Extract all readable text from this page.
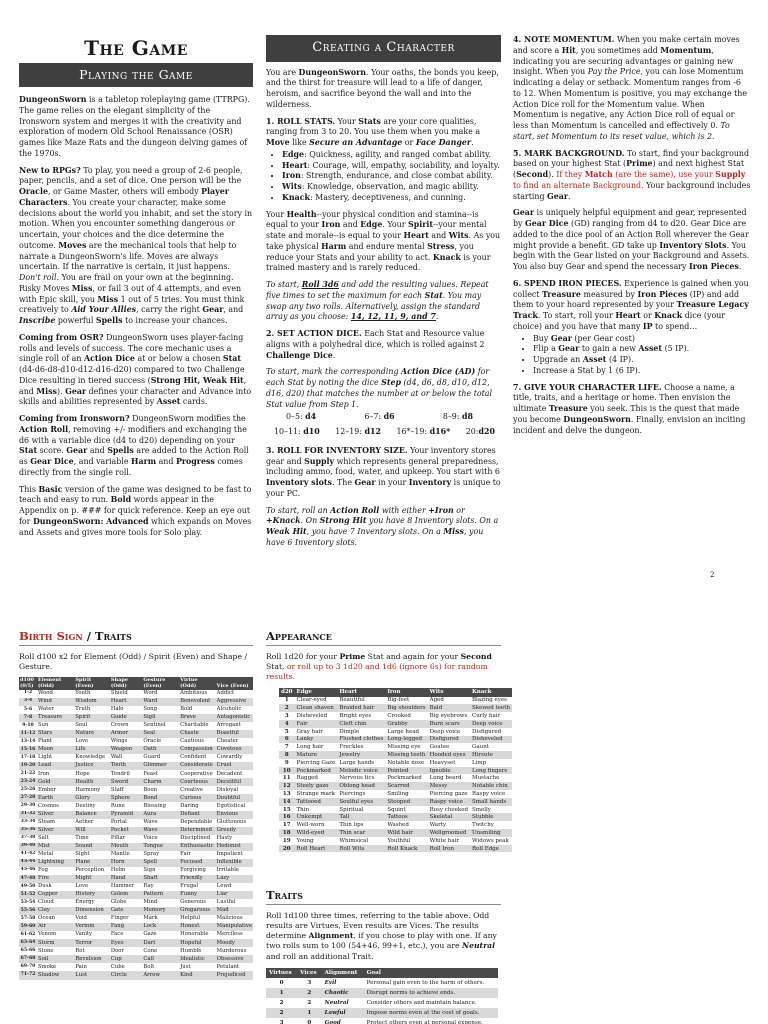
The Game
Playing the Game

DungeonSworn is a tabletop roleplaying game (TTRPG). The game relies on the elegant simplicity of the Ironsworn system and merges it with the creativity and exploration of modern Old School Renaissance (OSR) games like Maze Rats and the dungeon delving games of the 1970s.

New to RPGs? To play, you need a group of 2-6 people, paper, pencils, and a set of dice. One person will be the Oracle, or Game Master, others will embody Player Characters. You create your character, make some decisions about the world you inhabit, and set the story in motion. When you encounter something dangerous or uncertain, your choices and the dice determine the outcome. Moves are the mechanical tools that help to narrate a DungeonSworn's life. Moves are always uncertain. If the narrative is certain, it just happens. Don't roll. You are frail on your own at the beginning. Risky Moves Miss, or fail 3 out of 4 attempts, and even with Epic skill, you Miss 1 out of 5 tries. You must think creatively to Aid Your Allies, carry the right Gear, and Inscribe powerful Spells to increase your chances.

Coming from OSR? DungeonSworn uses player-facing rolls and levels of success. The core mechanic uses a single roll of an Action Dice at or below a chosen Stat (d4-d6-d8-d10-d12-d16-d20) compared to two Challenge Dice resulting in tiered success (Strong Hit, Weak Hit, and Miss). Gear defines your character and Advance into skills and abilities represented by Asset cards.

Coming from Ironsworn? DungeonSworn modifies the Action Roll, removing +/- modifiers and exchanging the d6 with a variable dice (d4 to d20) depending on your Stat score. Gear and Spells are added to the Action Roll as Gear Dice, and variable Harm and Progress comes directly from the single roll.

This Basic version of the game was designed to be fast to teach and easy to run. Bold words appear in the Appendix on p. ### for quick reference. Keep an eye out for DungeonSworn: Advanced which expands on Moves and Assets and gives more tools for Solo play.

Creating a Character

You are DungeonSworn. Your oaths, the bonds you keep, and the thirst for treasure will lead to a life of danger, heroism, and sacrifice beyond the wall and into the wilderness.

1. ROLL STATS. Your Stats are your core qualities, ranging from 3 to 20. You use them when you make a Move like Secure an Advantage or Face Danger.

• Edge: Quickness, agility, and ranged combat ability.
• Heart: Courage, will, empathy, sociability, and loyalty.
• Iron: Strength, endurance, and close combat ability.
• Wits: Knowledge, observation, and magic ability.
• Knack: Mastery, deceptiveness, and cunning.

Your Health--your physical condition and stamina--is equal to your Iron and Edge. Your Spirit--your mental state and morale--is equal to your Heart and Wits. As you take physical Harm and endure mental Stress, you reduce your Stats and your ability to act. Knack is your trained mastery and is rarely reduced.

To start, Roll 3d6 and add the resulting values. Repeat five times to set the maximum for each Stat. You may swap any two rolls. Alternatively, assign the standard array as you choose: 14, 12, 11, 9, and 7.

2. SET ACTION DICE. Each Stat and Resource value aligns with a polyhedral dice, which is rolled against 2 Challenge Dice.

To start, mark the corresponding Action Dice (AD) for each Stat by noting the dice Step (d4, d6, d8, d10, d12, d16, d20) that matches the number at or below the total Stat value from Step 1.

0–5: d4	6–7: d6	8–9: d8
10–11: d10 12–19: d12 16*–19: d16* 20:d20

3. ROLL FOR INVENTORY SIZE. Your inventory stores gear and Supply which represents general preparedness, including ammo, food, water, and upkeep. You start with 6 Inventory slots. The Gear in your Inventory is unique to your PC.

To start, roll an Action Roll with either +Iron or +Knack. On Strong Hit you have 8 Inventory slots. On a Weak Hit, you have 7 Inventory slots. On a Miss, you have 6 Inventory slots.

4. NOTE MOMENTUM. When you make certain moves and score a Hit, you sometimes add Momentum, indicating you are securing advantages or gaining new insight. When you Pay the Price, you can lose Momentum indicating a delay or setback. Momentum ranges from -6 to 12. When Momentum is positive, you may exchange the Action Dice roll for the Momentum value. When Momentum is negative, any Action Dice roll of equal or less than Momentum is cancelled and effectively 0. To start, set Momentum to its reset value, which is 2.

5. MARK BACKGROUND. To start, find your background based on your highest Stat (Prime) and next highest Stat (Second). If they Match (are the same), use your Supply to find an alternate Background. Your background includes starting Gear.

Gear is uniquely helpful equipment and gear, represented by Gear Dice (GD) ranging from d4 to d20. Gear Dice are added to the dice pool of an Action Roll wherever the Gear might provide a benefit. GD take up Inventory Slots. You begin with the Gear listed on your Background and Assets. You also buy Gear and spend the necessary Iron Pieces.

6. SPEND IRON PIECES. Experience is gained when you collect Treasure measured by Iron Pieces (IP) and add them to your hoard represented by your Treasure Legacy Track. To start, roll your Heart or Knack dice (your choice) and you have that many IP to spend…

• Buy Gear (per Gear cost)
• Flip a Gear to gain a new Asset (5 IP).
• Upgrade an Asset (4 IP).
• Increase a Stat by 1 (6 IP).

7. GIVE YOUR CHARACTER LIFE. Choose a name, a title, traits, and a heritage or home. Then envision the ultimate Treasure you seek. This is the quest that made you become DungeonSworn. Finally, envision an inciting incident and delve the dungeon.

2
Birth Sign / Traits
Roll d100 x2 for Element (Odd) / Spirit (Even) and Shape / Gesture.
d100 (0/5)	Element (Odd)	Spirit (Even)	Shape (Odd)	Gesture (Even)	Virtue (Odd)	Vice (Even)
1-2	Wood	Youth	Shield	Word	Ambitious	Addict
3-4	Wind	Wisdom	Heart	Ward	Benevolent	Aggressive
5-6	Water	Truth	Halo	Song	Bold	Alcoholic
7-8	Treasure	Spirit	Guide	Sigil	Brave	Antagonistic
9-10	Sun	Soul	Crown	Sentinel	Charitable	Arrogant
11-12	Stars	Nature	Armor	Seal	Chaste	Boastful
13-14	Plant	Love	Wings	Oracle	Cautious	Cheater
15-16	Moon	Life	Weapon	Oath	Compassion	Covetous
17-18	Light	Knowledge	Wall	Guard	Confident	Cowardly
19-20	Lead	Justice	Tooth	Glimmer	Considerate	Cruel
21-22	Iron	Hope	Tendril	Feast	Cooperative	Decadent
23-24	Gold	Health	Sword	Charm	Courteous	Deceitful
25-26	Ember	Harmony	Staff	Boon	Creative	Disloyal
27-28	Earth	Glory	Sphere	Bond	Curious	Doubtful
29-30	Cosmos	Destiny	Rune	Blessing	Daring	Egotistical
31-32	Silver	Balance	Pyramid	Aura	Defiant	Envious
33-34	Steam	Aether	Portal	Wave	Dependable	Gluttonous
35-36	Silver	Will	Pocket	Wave	Determined	Greedy
37-38	Salt	Time	Pillar	Voice	Disciplined	Hasty
39-40	Mist	Sound	Mouth	Tongue	Enthusiastic	Hedonist
41-42	Metal	Sight	Mantle	Spray	Fair	Impatient
43-44	Lightning	Plane	Horn	Spell	Focused	Inflexible
45-46	Fog	Perception	Helm	Sign	Forgiving	Irritable
47-48	Fire	Might	Hand	Shaft	Friendly	Lazy
49-50	Dusk	Love	Hammer	Ray	Frugal	Lewd
51-52	Copper	History	Golem	Pattern	Funny	Liar
53-54	Cloud	Energy	Globe	Mind	Generous	Lustful
55-56	Clay	Dimension	Gate	Memory	Gregarious	Mad
57-58	Ocean	Void	Finger	Mark	Helpful	Malicious
59-60	Air	Vermin	Fang	Lock	Honest	Manipulative
61-62	Venom	Vanity	Face	Gaze	Honorable	Merciless
63-64	Storm	Terror	Eyes	Dart	Hopeful	Moody
65-66	Stone	Rot	Door	Cone	Humble	Murderous
67-68	Soil	Revulsion	Cup	Call	Idealistic	Obsessive
69-70	Smoke	Pain	Cube	Bolt	Just	Petulant
71-72	Shadow	Lust	Circle	Arrow	Kind	Prejudiced
Appearance
Roll 1d20 for your Prime Stat and again for your Second Stat, or roll up to 3 1d20 and 1d6 (ignore 6s) for random results.
d20	Edge	Heart	Iron	Wits	Knack
1	Clear-eyed	Beautiful	Big-feet	Aged	Blazing eyes
2	Clean shaven	Braided hair	Big shoulders	Bald	Skewed teeth
3	Disheveled	Bright eyes	Crooked	Big eyebrows	Curly hair
4	Fair	Cleft chin	Grabby	Burn scars	Deep voice
5	Gray hair	Dimple	Large head	Deep voice	Disfigured
6	Lanky	Flushed clothes	Long-legged	Disfigured	Disheveled
7	Long hair	Freckles	Missing eye	Goatee	Gaunt
8	Mature	Jewelry	Missing teeth	Hooded eyes	Hirsute
9	Piercing Gaze	Large hands	Notable nose	Heavyset	Limp
10	Pockmarked	Melodic voice	Pointed	Ignoble	Long fingers
11	Ragged	Nervous tics	Pockmarked	Long beard	Mustache
12	Steely gaze	Oblong head	Scarred	Messy	Notable chin
13	Strange mark	Piercings	Smiling	Piercing gaze	Raspy voice
14	Tattooed	Soulful eyes	Stooped	Raspy voice	Small hands
15	Thin	Spiritual	Squint	Rosy cheeked	Smelly
16	Unkempt	Tall	Tattoos	Skeletal	Stubble
17	Well-worn	Thin lips	Washed	Warty	Twitchy
18	Wild-eyed	Thin scar	Wild hair	Wellgroomed	Unsmiling
19	Young	Whimsical	Youthful	White hair	Widows peak
20	Roll Heart	Roll Wits	Roll Knack	Roll Iron	Roll Edge
Traits
Roll 1d100 three times, referring to the table above. Odd results are Virtues, Even results are Vices. The results determine Alignment, if you chose to play with one. If any two rolls sum to 100 (54+46, 99+1, etc.), you are Neutral and roll an additional Trait.
Virtues	Vices	Alignment	Goal
0	3	Evil	Personal gain even to the harm of others.
1	2	Chaotic	Disrupt norms to achieve ends.
2	2	Neutral	Consider others and maintain balance.
2	1	Lawful	Impose norms even at the cost of goals.
3	0	Good	Protect others even at personal expense.
